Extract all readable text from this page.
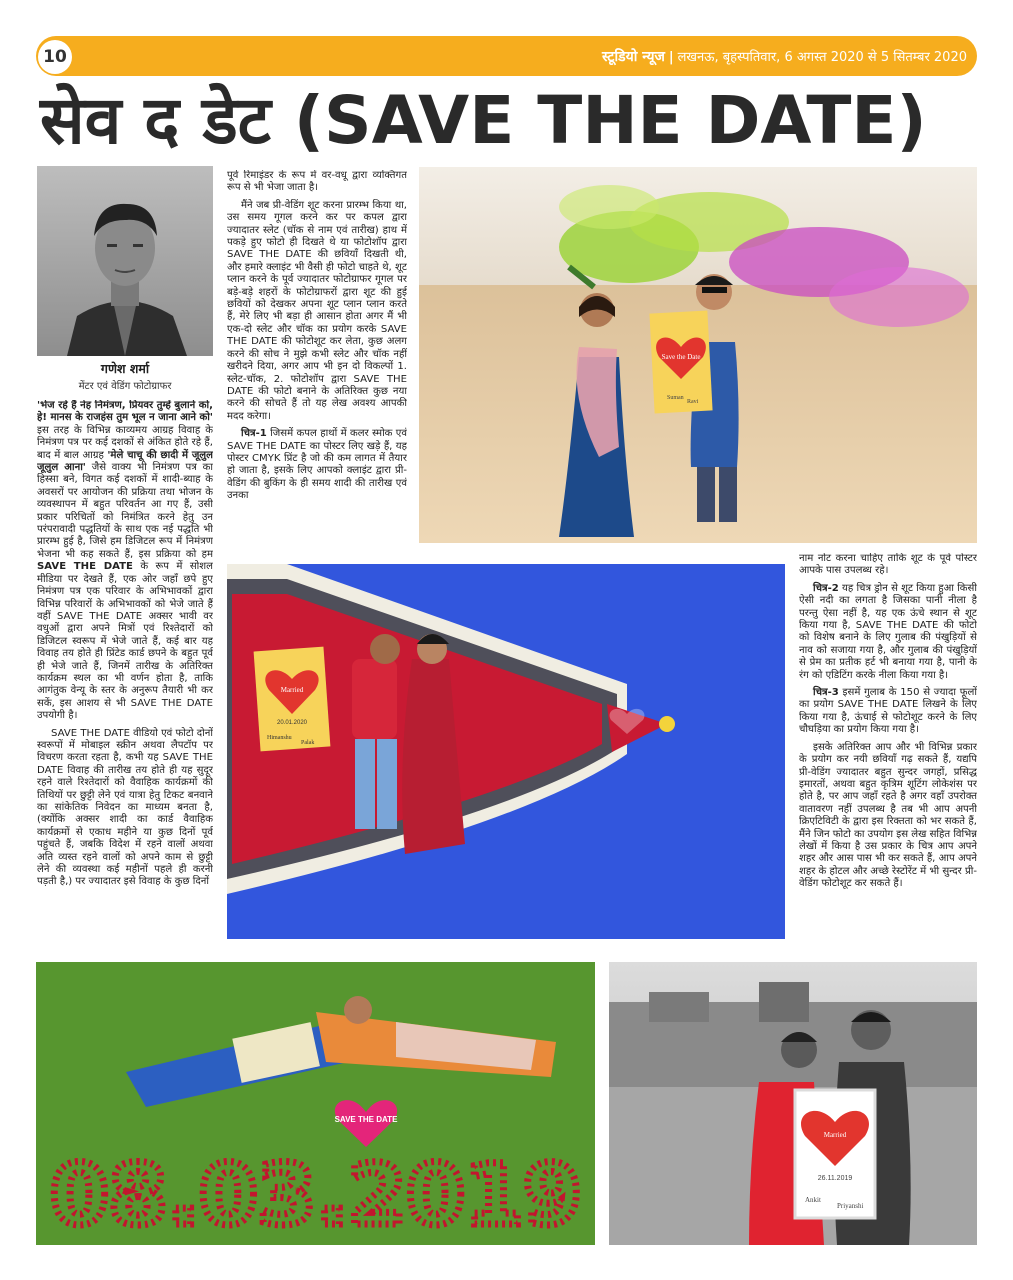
10	स्टूडियो न्यूज | लखनऊ, बृहस्पतिवार, 6 अगस्त 2020 से 5 सितम्बर 2020
सेव द डेट (SAVE THE DATE)
गणेश शर्मा
मेंटर एवं वेडिंग फोटोग्राफर

'भेज रहे हैं नेह निमंत्रण, प्रियवर तुम्हें बुलाने को, हे! मानस के राजहंस तुम भूल न जाना आने को' इस तरह के विभिन्न काव्यमय आग्रह विवाह के निमंत्रण पत्र पर कई दशकों से अंकित होते रहे हैं, बाद में बाल आग्रह 'मेले चाचू की छादी में जूलुल जूलुल आना' जैसे वाक्य भी निमंत्रण पत्र का हिस्सा बने, विगत कई दशकों में शादी-ब्याह के अवसरों पर आयोजन की प्रक्रिया तथा भोजन के व्यवस्थापन में बहुत परिवर्तन आ गए हैं, उसी प्रकार परिचितों को निमंत्रित करने हेतु उन परंपरावादी पद्धतियों के साथ एक नई पद्धति भी प्रारम्भ हुई है, जिसे हम डिजिटल रूप में निमंत्रण भेजना भी कह सकते हैं, इस प्रक्रिया को हम SAVE THE DATE के रूप में सोशल मीडिया पर देखते हैं, एक ओर जहाँ छपे हुए निमंत्रण पत्र एक परिवार के अभिभावकों द्वारा विभिन्न परिवारों के अभिभावकों को भेजे जाते हैं वहीं SAVE THE DATE अक्सर भावी वर वधुओं द्वारा अपने मित्रों एवं रिश्तेदारों को डिजिटल स्वरूप में भेजे जाते हैं, कई बार यह विवाह तय होते ही प्रिंटेड कार्ड छपने के बहुत पूर्व ही भेजे जाते हैं, जिनमें तारीख के अतिरिक्त कार्यक्रम स्थल का भी वर्णन होता है, ताकि आगंतुक वेन्यू के स्तर के अनुरूप तैयारी भी कर सकें, इस आशय से भी SAVE THE DATE उपयोगी है।

SAVE THE DATE वीडियो एवं फोटो दोनों स्वरूपों में मोबाइल स्क्रीन अथवा लैपटॉप पर विचरण करता रहता है, कभी यह SAVE THE DATE विवाह की तारीख तय होते ही यह सुदूर रहने वाले रिश्तेदारों को वैवाहिक कार्यक्रमों की तिथियों पर छुट्टी लेने एवं यात्रा हेतु टिकट बनवाने का सांकेतिक निवेदन का माध्यम बनता है, (क्योंकि अक्सर शादी का कार्ड वैवाहिक कार्यक्रमों से एकाध महीने या कुछ दिनों पूर्व पहुंचते हैं, जबकि विदेश में रहने वालों अथवा अति व्यस्त रहने वालों को अपने काम से छुट्टी लेने की व्यवस्था कई महीनों पहले ही करनी पड़ती है,) पर ज्यादातर इसे विवाह के कुछ दिनों

पूर्व रिमाइंडर के रूप में वर-वधू द्वारा व्यक्तिगत रूप से भी भेजा जाता है।

मैंने जब प्री-वेडिंग शूट करना प्रारम्भ किया था, उस समय गूगल करने कर पर कपल द्वारा ज्यादातर स्लेट (चॉक से नाम एवं तारीख) हाथ में पकड़े हुए फोटो ही दिखते थे या फोटोशॉप द्वारा SAVE THE DATE की छवियाँ दिखती थी, और हमारे क्लाइंट भी वैसी ही फोटो चाहते थे, शूट प्लान करने के पूर्व ज्यादातर फोटोग्राफर गूगल पर बड़े-बड़े शहरों के फोटोग्राफरों द्वारा शूट की हुई छवियों को देखकर अपना शूट प्लान प्लान करते हैं, मेरे लिए भी बड़ा ही आसान होता अगर मैं भी एक-दो स्लेट और चॉक का प्रयोग करके SAVE THE DATE की फोटोशूट कर लेता, कुछ अलग करने की सोच ने मुझे कभी स्लेट और चॉक नहीं खरीदने दिया, अगर आप भी इन दो विकल्पों 1. स्लेट-चॉक, 2. फोटोशॉप द्वारा SAVE THE DATE की फोटो बनाने के अतिरिक्त कुछ नया करने की सोचते हैं तो यह लेख अवश्य आपकी मदद करेगा।

चित्र-1 जिसमें कपल हाथों में कलर स्मोक एवं SAVE THE DATE का पोस्टर लिए खड़े हैं, यह पोस्टर CMYK प्रिंट है जो की कम लागत में तैयार हो जाता है, इसके लिए आपको क्लाइंट द्वारा प्री-वेडिंग की बुकिंग के ही समय शादी की तारीख एवं उनका

Save the Date
Suman
Ravi
Married
20.01.2020
Himanshu
Palak

नाम नोट करना चाहिए ताकि शूट के पूर्व पोस्टर आपके पास उपलब्ध रहे।

चित्र-2 यह चित्र ड्रोन से शूट किया हुआ किसी ऐसी नदी का लगता है जिसका पानी नीला है परन्तु ऐसा नहीं है, यह एक ऊंचे स्थान से शूट किया गया है, SAVE THE DATE की फोटो को विशेष बनाने के लिए गुलाब की पंखुड़ियों से नाव को सजाया गया है, और गुलाब की पंखुड़ियों से प्रेम का प्रतीक हर्ट भी बनाया गया है, पानी के रंग को एडिटिंग करके नीला किया गया है।

चित्र-3 इसमें गुलाब के 150 से ज्यादा फूलों का प्रयोग SAVE THE DATE लिखने के लिए किया गया है, ऊंचाई से फोटोशूट करने के लिए चौघड़िया का प्रयोग किया गया है।

इसके अतिरिक्त आप और भी विभिन्न प्रकार के प्रयोग कर नयी छवियाँ गढ़ सकते हैं, यद्यपि प्री-वेडिंग ज्यादातर बहुत सुन्दर जगहों, प्रसिद्ध इमारतों, अथवा बहुत कृत्रिम शूटिंग लोकेशंस पर होते है, पर आप जहाँ रहते है अगर वहाँ उपरोक्त वातावरण नहीं उपलब्ध है तब भी आप अपनी क्रिएटिविटी के द्वारा इस रिक्तता को भर सकते हैं, मैंने जिन फोटो का उपयोग इस लेख सहित विभिन्न लेखों में किया है उस प्रकार के चित्र आप अपने शहर और आस पास भी कर सकते हैं, आप अपने शहर के होटल और अच्छे रेस्टोरेंट में भी सुन्दर प्री-वेडिंग फोटोशूट कर सकते हैं।

SAVE THE DATE
08.03.2019
Married
26.11.2019
Ankit
Priyanshi
